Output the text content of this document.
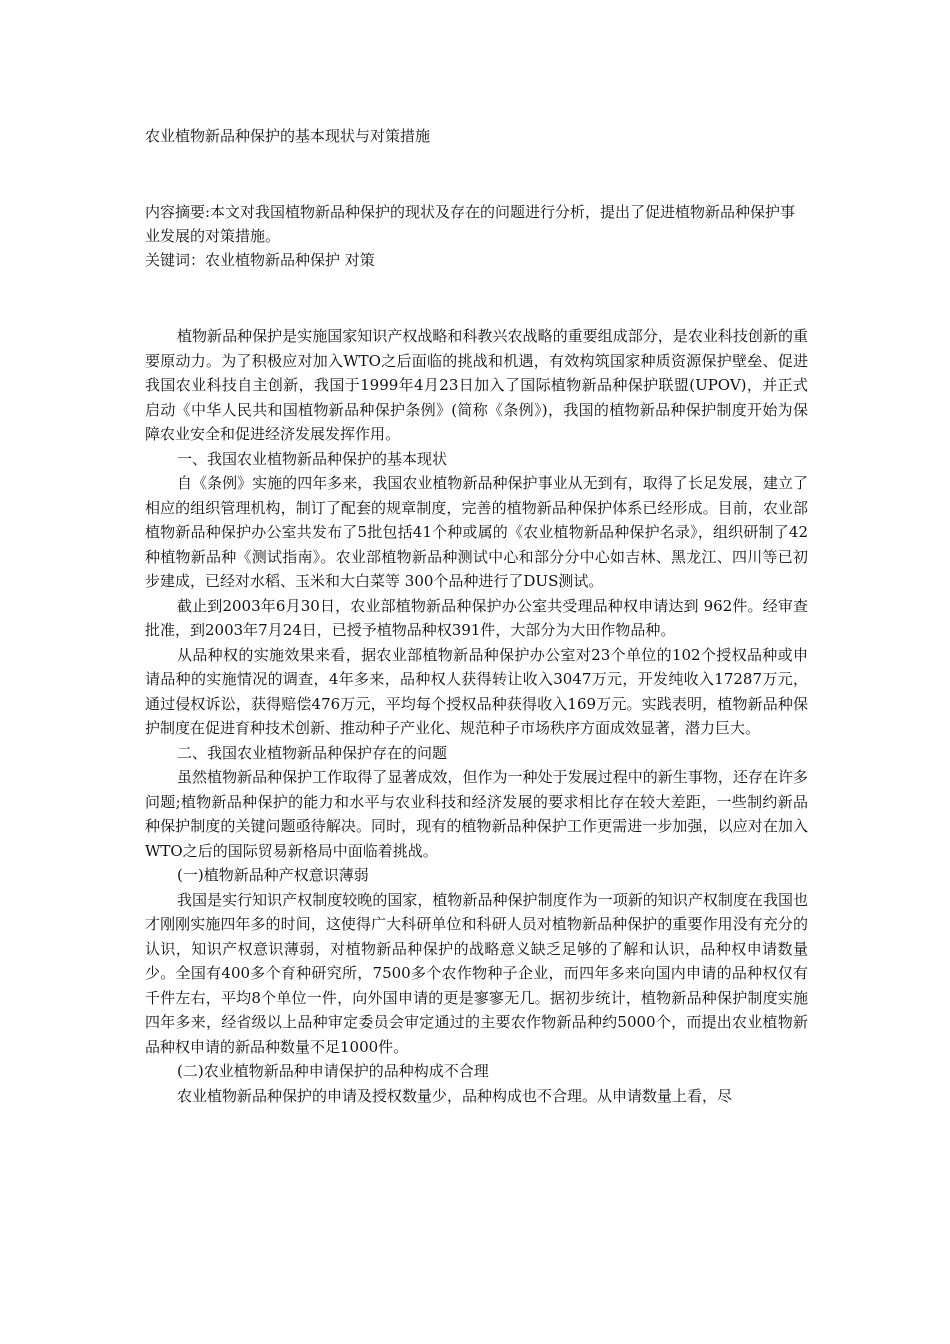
农业植物新品种保护的基本现状与对策措施

内容摘要:本文对我国植物新品种保护的现状及存在的问题进行分析，提出了促进植物新品种保护事业发展的对策措施。

关键词：农业植物新品种保护 对策

植物新品种保护是实施国家知识产权战略和科教兴农战略的重要组成部分，是农业科技创新的重要原动力。为了积极应对加入WTO之后面临的挑战和机遇，有效构筑国家种质资源保护壁垒、促进我国农业科技自主创新，我国于1999年4月23日加入了国际植物新品种保护联盟(UPOV)，并正式启动《中华人民共和国植物新品种保护条例》(简称《条例》)，我国的植物新品种保护制度开始为保障农业安全和促进经济发展发挥作用。

一、我国农业植物新品种保护的基本现状

自《条例》实施的四年多来，我国农业植物新品种保护事业从无到有，取得了长足发展，建立了相应的组织管理机构，制订了配套的规章制度，完善的植物新品种保护体系已经形成。目前，农业部植物新品种保护办公室共发布了5批包括41个种或属的《农业植物新品种保护名录》，组织研制了42种植物新品种《测试指南》。农业部植物新品种测试中心和部分分中心如吉林、黑龙江、四川等已初步建成，已经对水稻、玉米和大白菜等 300个品种进行了DUS测试。

截止到2003年6月30日，农业部植物新品种保护办公室共受理品种权申请达到 962件。经审查批准，到2003年7月24日，已授予植物品种权391件，大部分为大田作物品种。

从品种权的实施效果来看，据农业部植物新品种保护办公室对23个单位的102个授权品种或申请品种的实施情况的调查，4年多来，品种权人获得转让收入3047万元，开发纯收入17287万元，通过侵权诉讼，获得赔偿476万元，平均每个授权品种获得收入169万元。实践表明，植物新品种保护制度在促进育种技术创新、推动种子产业化、规范种子市场秩序方面成效显著，潜力巨大。

二、我国农业植物新品种保护存在的问题

虽然植物新品种保护工作取得了显著成效，但作为一种处于发展过程中的新生事物，还存在许多问题;植物新品种保护的能力和水平与农业科技和经济发展的要求相比存在较大差距，一些制约新品种保护制度的关键问题亟待解决。同时，现有的植物新品种保护工作更需进一步加强，以应对在加入WTO之后的国际贸易新格局中面临着挑战。

(一)植物新品种产权意识薄弱

我国是实行知识产权制度较晚的国家，植物新品种保护制度作为一项新的知识产权制度在我国也才刚刚实施四年多的时间，这使得广大科研单位和科研人员对植物新品种保护的重要作用没有充分的认识，知识产权意识薄弱，对植物新品种保护的战略意义缺乏足够的了解和认识，品种权申请数量少。全国有400多个育种研究所，7500多个农作物种子企业，而四年多来向国内申请的品种权仅有千件左右，平均8个单位一件，向外国申请的更是寥寥无几。据初步统计，植物新品种保护制度实施四年多来，经省级以上品种审定委员会审定通过的主要农作物新品种约5000个，而提出农业植物新品种权申请的新品种数量不足1000件。

(二)农业植物新品种申请保护的品种构成不合理

农业植物新品种保护的申请及授权数量少，品种构成也不合理。从申请数量上看，尽
